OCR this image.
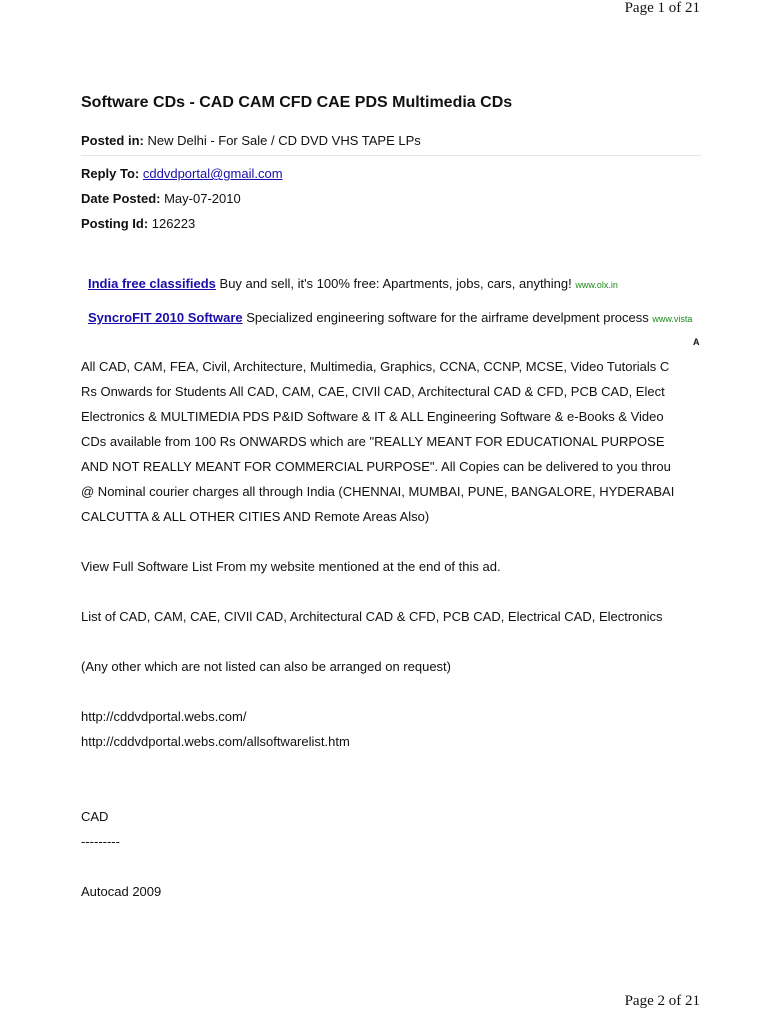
Page 1 of 21
Software CDs - CAD CAM CFD CAE PDS Multimedia CDs
Posted in: New Delhi - For Sale / CD DVD VHS TAPE LPs
Reply To: cddvdportal@gmail.com
Date Posted: May-07-2010
Posting Id: 126223
India free classifieds Buy and sell, it's 100% free: Apartments, jobs, cars, anything! www.olx.in
SyncroFIT 2010 Software Specialized engineering software for the airframe develpment process www.vista
A
All CAD, CAM, FEA, Civil, Architecture, Multimedia, Graphics, CCNA, CCNP, MCSE, Video Tutorials C
Rs Onwards for Students All CAD, CAM, CAE, CIVIl CAD, Architectural CAD & CFD, PCB CAD, Elect
Electronics & MULTIMEDIA PDS P&ID Software & IT & ALL Engineering Software & e-Books & Video
CDs available from 100 Rs ONWARDS which are "REALLY MEANT FOR EDUCATIONAL PURPOSE
AND NOT REALLY MEANT FOR COMMERCIAL PURPOSE". All Copies can be delivered to you throu
@ Nominal courier charges all through India (CHENNAI, MUMBAI, PUNE, BANGALORE, HYDERABAI
CALCUTTA & ALL OTHER CITIES AND Remote Areas Also)
View Full Software List From my website mentioned at the end of this ad.
List of CAD, CAM, CAE, CIVIl CAD, Architectural CAD & CFD, PCB CAD, Electrical CAD, Electronics
(Any other which are not listed can also be arranged on request)
http://cddvdportal.webs.com/
http://cddvdportal.webs.com/allsoftwarelist.htm
CAD
---------
Autocad 2009
Page 2 of 21
